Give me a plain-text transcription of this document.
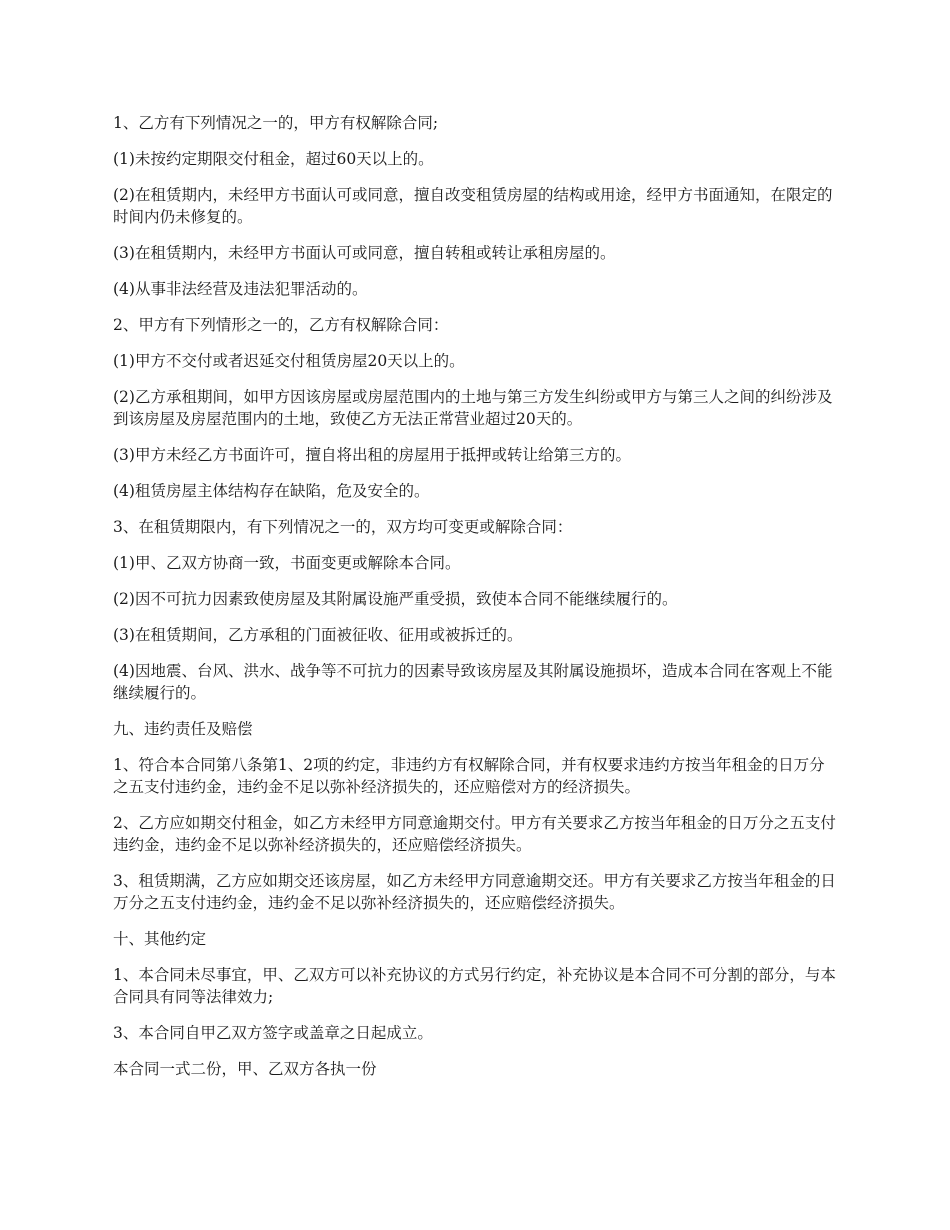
1、乙方有下列情况之一的，甲方有权解除合同;

(1)未按约定期限交付租金，超过60天以上的。

(2)在租赁期内，未经甲方书面认可或同意，擅自改变租赁房屋的结构或用途，经甲方书面通知，在限定的时间内仍未修复的。

(3)在租赁期内，未经甲方书面认可或同意，擅自转租或转让承租房屋的。

(4)从事非法经营及违法犯罪活动的。

2、甲方有下列情形之一的，乙方有权解除合同：

(1)甲方不交付或者迟延交付租赁房屋20天以上的。

(2)乙方承租期间，如甲方因该房屋或房屋范围内的土地与第三方发生纠纷或甲方与第三人之间的纠纷涉及到该房屋及房屋范围内的土地，致使乙方无法正常营业超过20天的。

(3)甲方未经乙方书面许可，擅自将出租的房屋用于抵押或转让给第三方的。

(4)租赁房屋主体结构存在缺陷，危及安全的。

3、在租赁期限内，有下列情况之一的，双方均可变更或解除合同：

(1)甲、乙双方协商一致，书面变更或解除本合同。

(2)因不可抗力因素致使房屋及其附属设施严重受损，致使本合同不能继续履行的。

(3)在租赁期间，乙方承租的门面被征收、征用或被拆迁的。

(4)因地震、台风、洪水、战争等不可抗力的因素导致该房屋及其附属设施损坏，造成本合同在客观上不能继续履行的。

九、违约责任及赔偿

1、符合本合同第八条第1、2项的约定，非违约方有权解除合同，并有权要求违约方按当年租金的日万分之五支付违约金，违约金不足以弥补经济损失的，还应赔偿对方的经济损失。

2、乙方应如期交付租金，如乙方未经甲方同意逾期交付。甲方有关要求乙方按当年租金的日万分之五支付违约金，违约金不足以弥补经济损失的，还应赔偿经济损失。

3、租赁期满，乙方应如期交还该房屋，如乙方未经甲方同意逾期交还。甲方有关要求乙方按当年租金的日万分之五支付违约金，违约金不足以弥补经济损失的，还应赔偿经济损失。

十、其他约定

1、本合同未尽事宜，甲、乙双方可以补充协议的方式另行约定，补充协议是本合同不可分割的部分，与本合同具有同等法律效力;

3、本合同自甲乙双方签字或盖章之日起成立。

本合同一式二份，甲、乙双方各执一份
